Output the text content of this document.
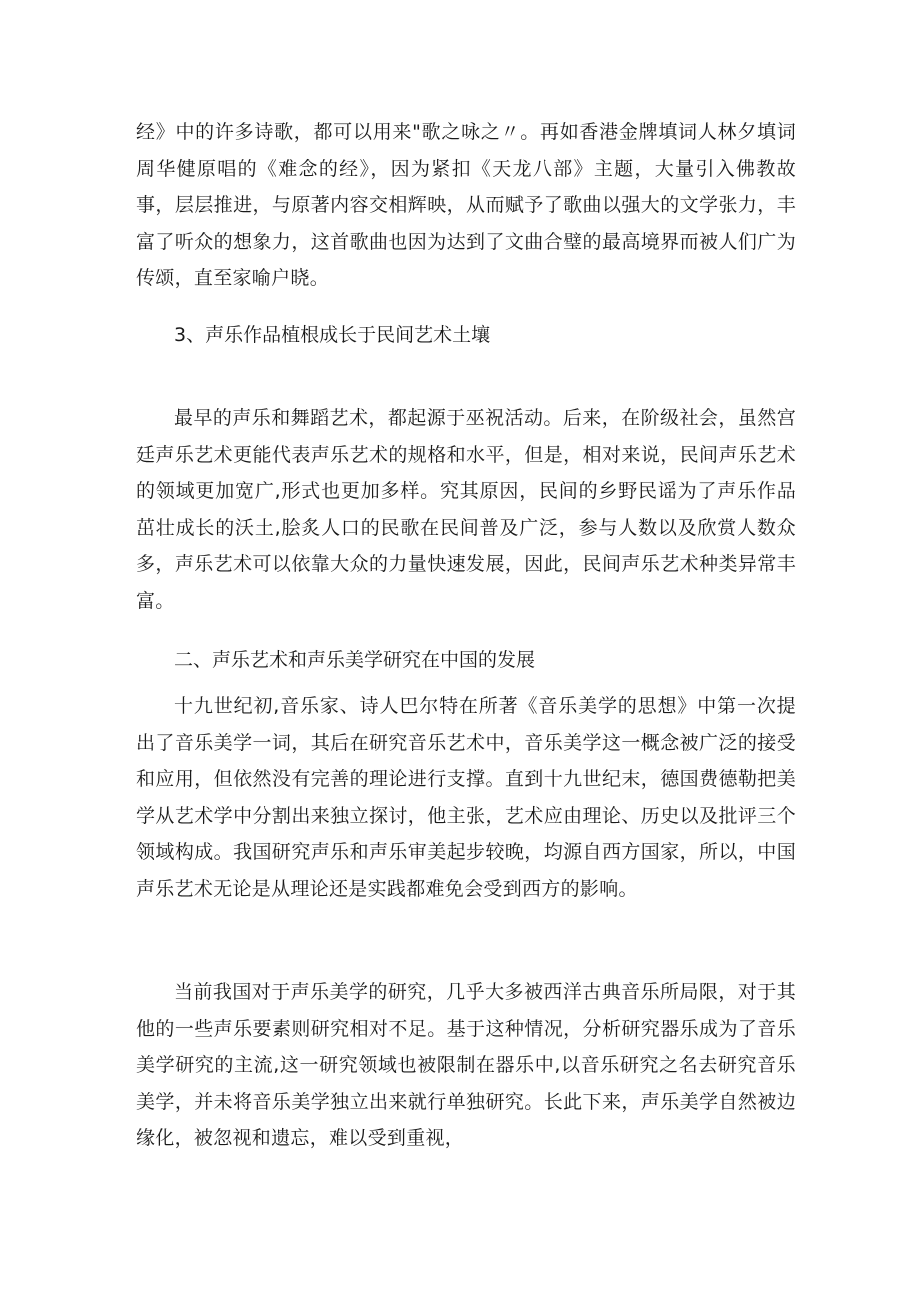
经》中的许多诗歌，都可以用来"歌之咏之〃。再如香港金牌填词人林夕填词周华健原唱的《难念的经》，因为紧扣《天龙八部》主题，大量引入佛教故事，层层推进，与原著内容交相辉映，从而赋予了歌曲以强大的文学张力，丰富了听众的想象力，这首歌曲也因为达到了文曲合璧的最高境界而被人们广为传颂，直至家喻户晓。

3、声乐作品植根成长于民间艺术土壤

最早的声乐和舞蹈艺术，都起源于巫祝活动。后来，在阶级社会，虽然宫廷声乐艺术更能代表声乐艺术的规格和水平，但是，相对来说，民间声乐艺术的领域更加宽广,形式也更加多样。究其原因，民间的乡野民谣为了声乐作品茁壮成长的沃土,脍炙人口的民歌在民间普及广泛，参与人数以及欣赏人数众多，声乐艺术可以依靠大众的力量快速发展，因此，民间声乐艺术种类异常丰富。

二、声乐艺术和声乐美学研究在中国的发展

十九世纪初,音乐家、诗人巴尔特在所著《音乐美学的思想》中第一次提出了音乐美学一词，其后在研究音乐艺术中，音乐美学这一概念被广泛的接受和应用，但依然没有完善的理论进行支撑。直到十九世纪末，德国费德勒把美学从艺术学中分割出来独立探讨，他主张，艺术应由理论、历史以及批评三个领域构成。我国研究声乐和声乐审美起步较晚，均源自西方国家，所以，中国声乐艺术无论是从理论还是实践都难免会受到西方的影响。

当前我国对于声乐美学的研究，几乎大多被西洋古典音乐所局限，对于其他的一些声乐要素则研究相对不足。基于这种情况，分析研究器乐成为了音乐美学研究的主流,这一研究领域也被限制在器乐中,以音乐研究之名去研究音乐美学，并未将音乐美学独立出来就行单独研究。长此下来，声乐美学自然被边缘化，被忽视和遗忘，难以受到重视，
